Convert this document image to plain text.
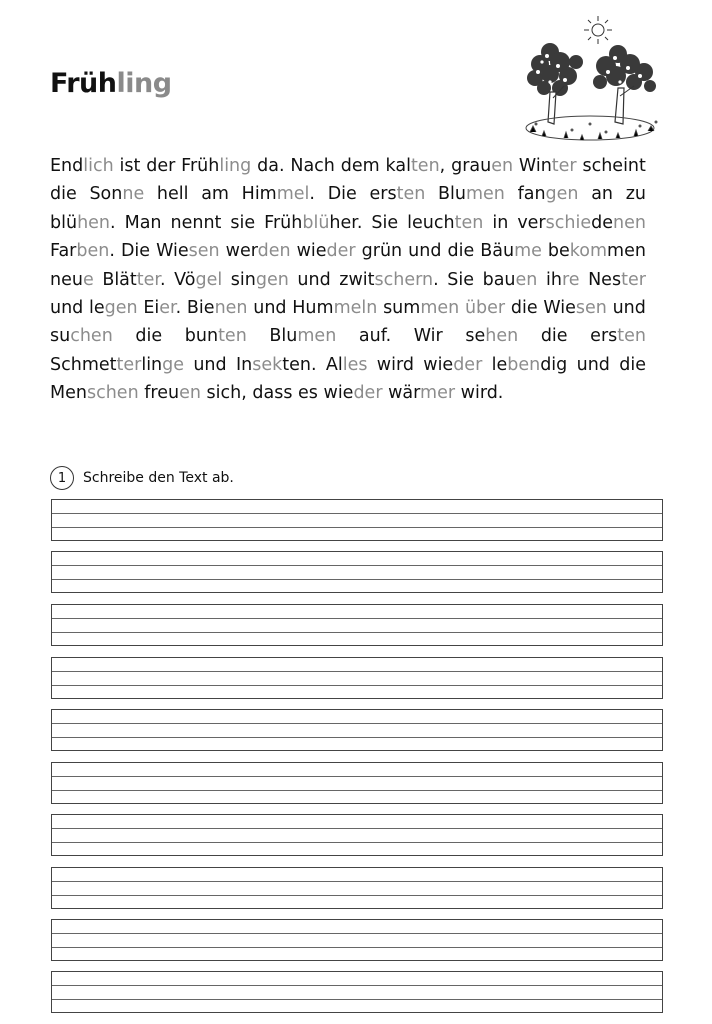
Frühling
Endlich ist der Frühling da. Nach dem kalten, grauen Winter scheint die Sonne hell am Himmel. Die ersten Blumen fangen an zu blühen. Man nennt sie Frühblüher. Sie leuchten in verschiedenen Farben. Die Wiesen werden wieder grün und die Bäume bekommen neue Blätter. Vögel singen und zwitschern. Sie bauen ihre Nester und legen Eier. Bienen und Hummeln summen über die Wiesen und suchen die bunten Blumen auf. Wir sehen die ersten Schmetterlinge und Insekten. Alles wird wieder lebendig und die Menschen freuen sich, dass es wieder wärmer wird.
1	Schreibe den Text ab.
